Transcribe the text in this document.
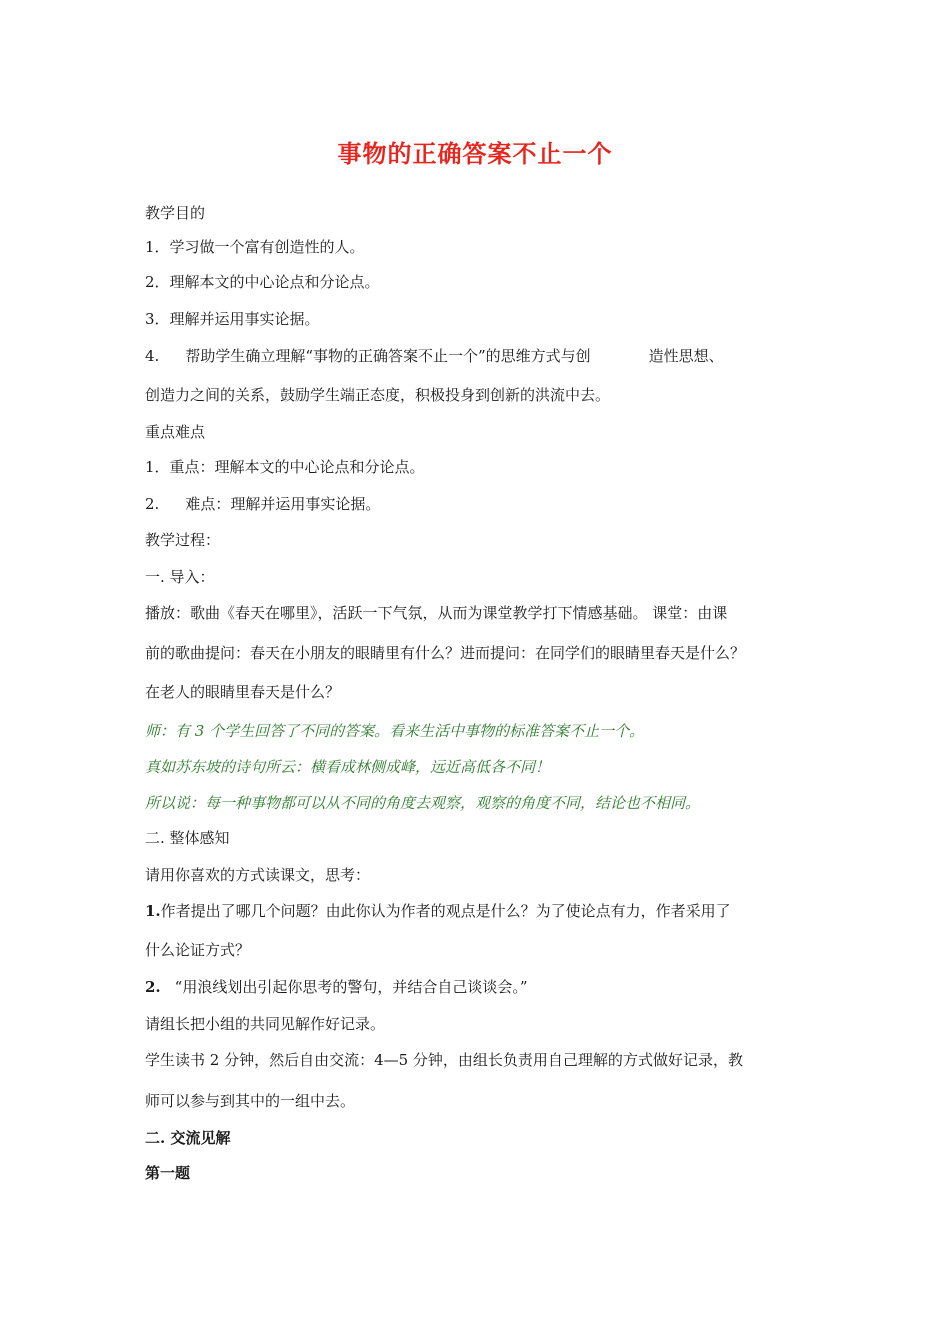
事物的正确答案不止一个
教学目的
1．学习做一个富有创造性的人。
2．理解本文的中心论点和分论点。
3．理解并运用事实论据。
4. 帮助学生确立理解“事物的正确答案不止一个”的思维方式与创	造性思想、
创造力之间的关系，鼓励学生端正态度，积极投身到创新的洪流中去。
重点难点
1．重点：理解本文的中心论点和分论点。
2. 难点：理解并运用事实论据。
教学过程：
一. 导入：
播放：歌曲《春天在哪里》，活跃一下气氛，从而为课堂教学打下情感基础。 课堂：由课
前的歌曲提问：春天在小朋友的眼睛里有什么？进而提问：在同学们的眼睛里春天是什么？
在老人的眼睛里春天是什么？
师：有 3 个学生回答了不同的答案。看来生活中事物的标准答案不止一个。
真如苏东坡的诗句所云：横看成林侧成峰，远近高低各不同！
所以说：每一种事物都可以从不同的角度去观察，观察的角度不同，结论也不相同。
二. 整体感知
请用你喜欢的方式读课文，思考：
1.作者提出了哪几个问题？由此你认为作者的观点是什么？为了使论点有力，作者采用了
什么论证方式？
2. “用浪线划出引起你思考的警句，并结合自己谈谈会。”
请组长把小组的共同见解作好记录。
学生读书 2 分钟，然后自由交流：4—5 分钟，由组长负责用自己理解的方式做好记录，教
师可以参与到其中的一组中去。
二. 交流见解
第一题
